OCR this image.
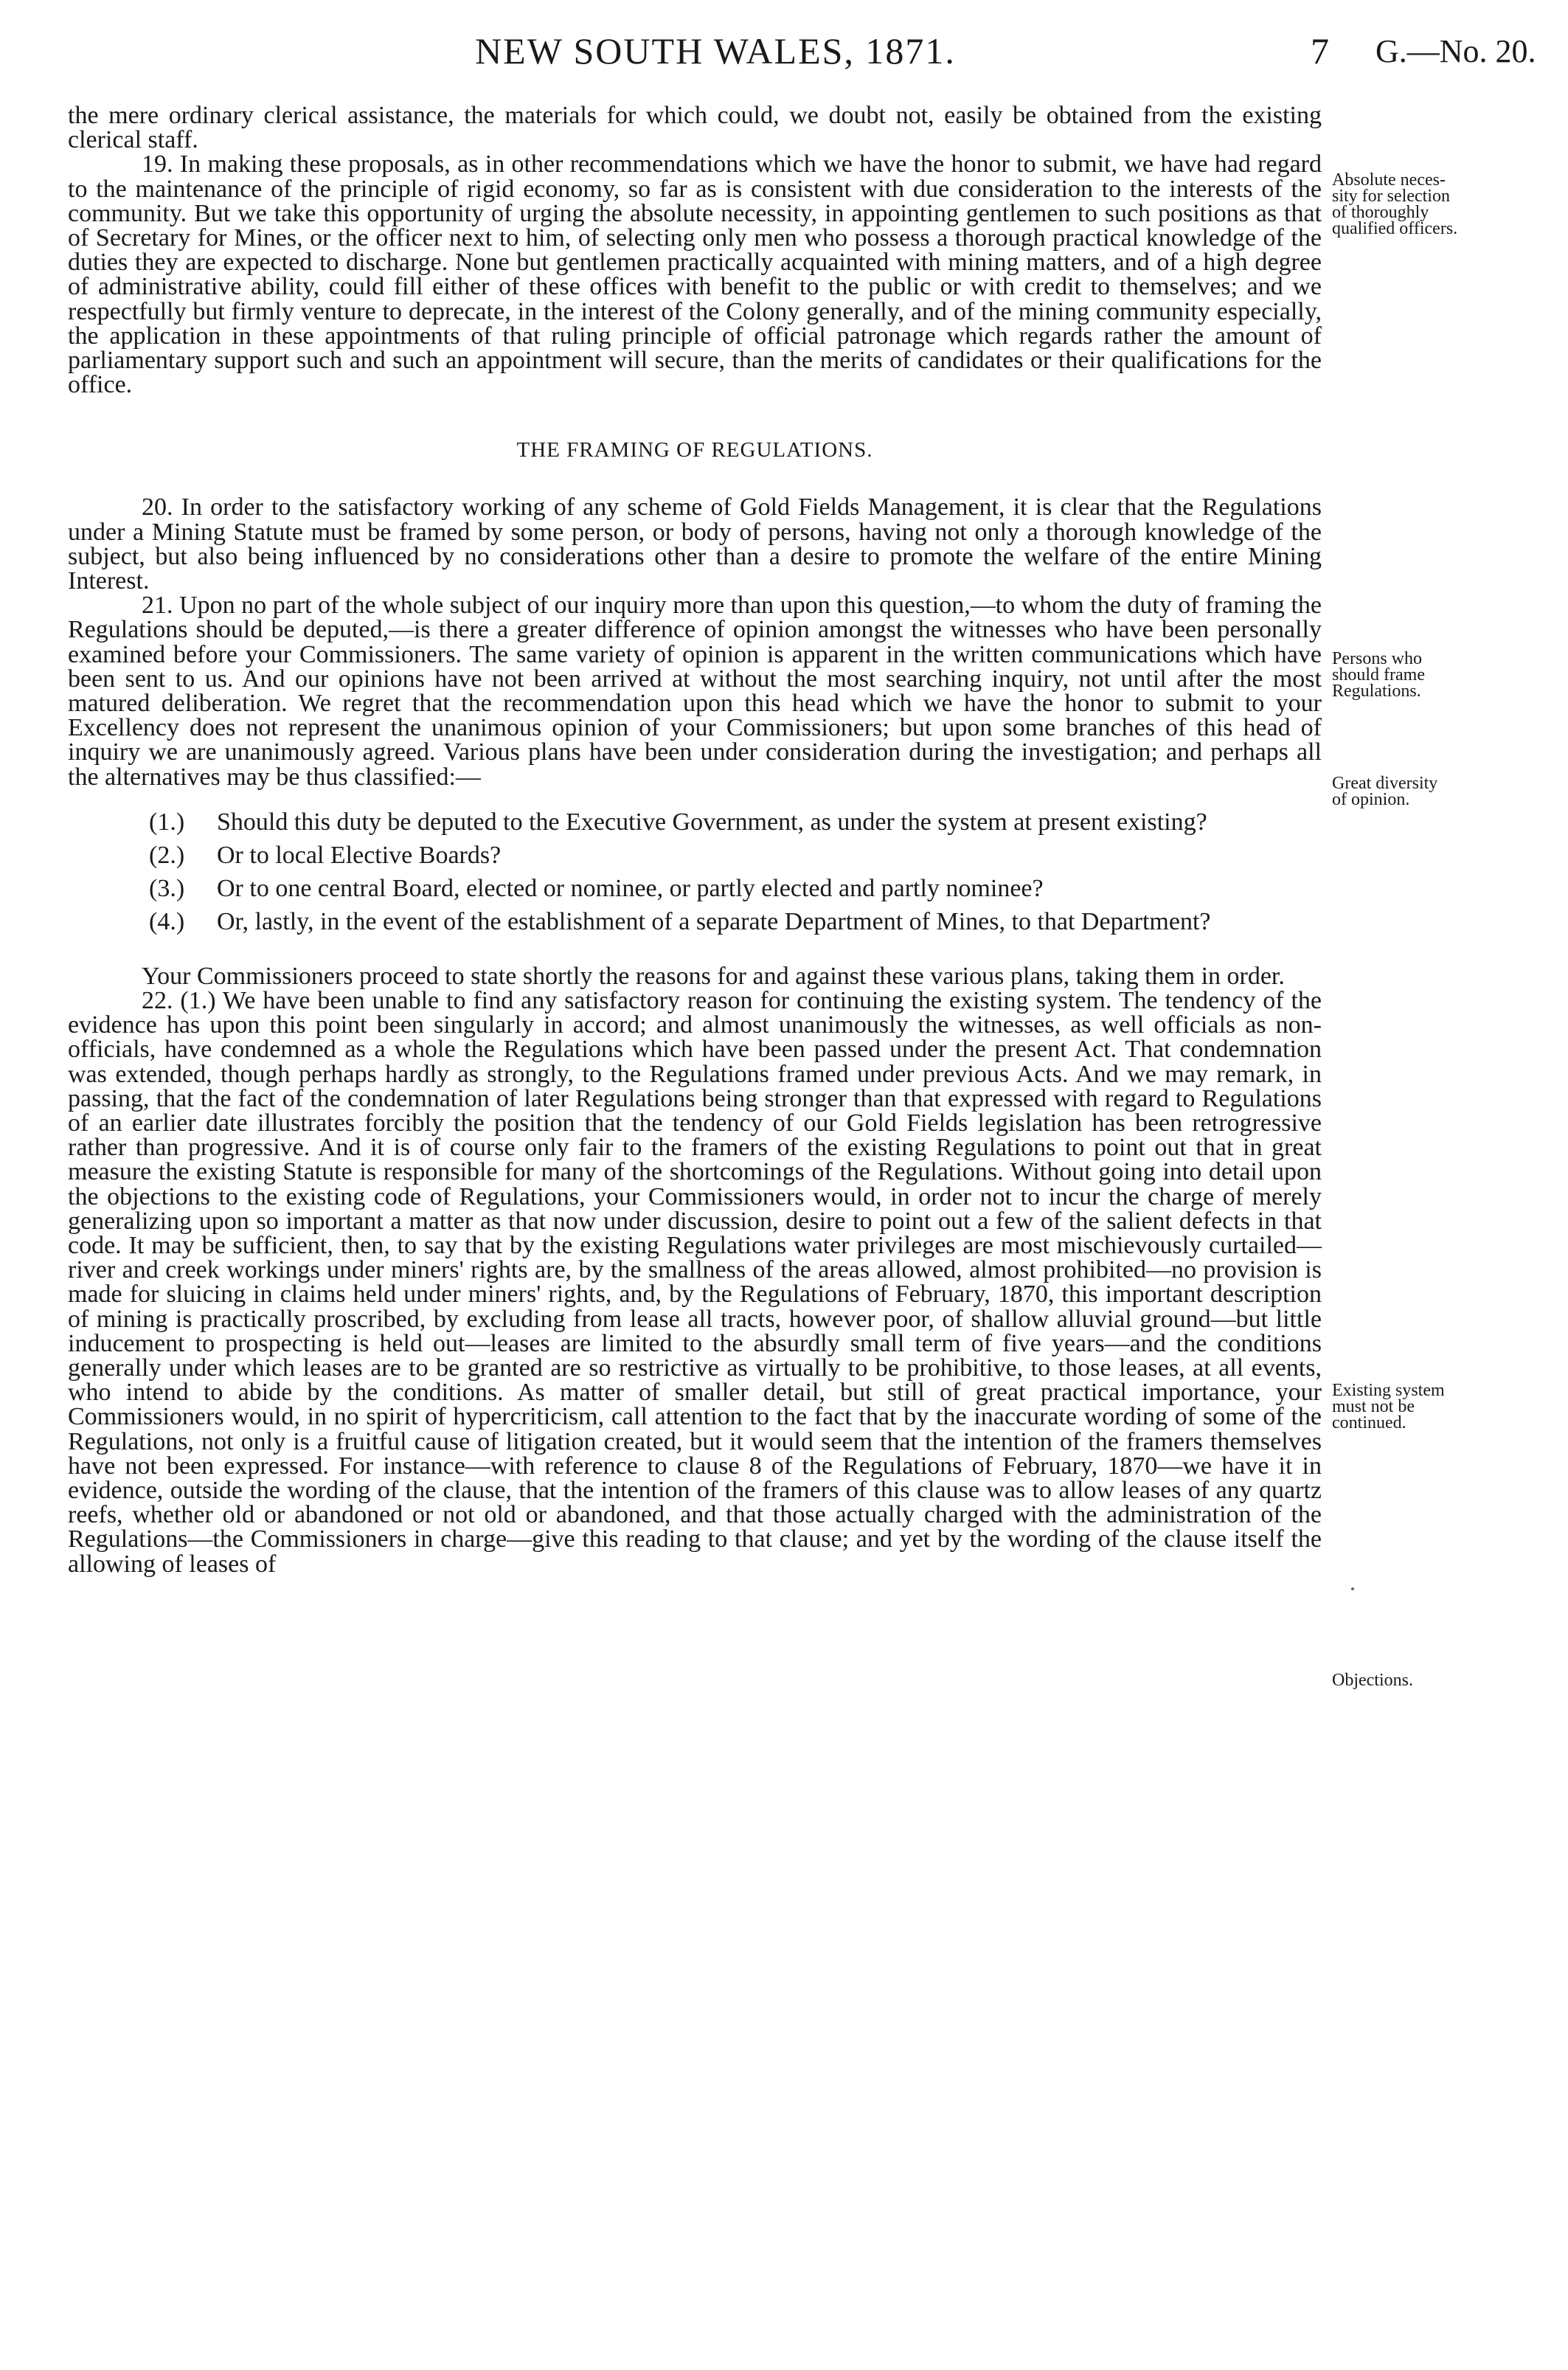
NEW SOUTH WALES, 1871.	7 G.—No. 20.

the mere ordinary clerical assistance, the materials for which could, we doubt not, easily be obtained from the existing clerical staff.

19. In making these proposals, as in other recommendations which we have the honor to submit, we have had regard to the maintenance of the principle of rigid economy, so far as is consistent with due consideration to the interests of the community. But we take this opportunity of urging the absolute necessity, in appointing gentlemen to such positions as that of Secretary for Mines, or the officer next to him, of selecting only men who possess a thorough practical knowledge of the duties they are expected to discharge. None but gentlemen practically acquainted with mining matters, and of a high degree of administrative ability, could fill either of these offices with benefit to the public or with credit to themselves; and we respectfully but firmly venture to deprecate, in the interest of the Colony generally, and of the mining community especially, the application in these appointments of that ruling principle of official patronage which regards rather the amount of parliamentary support such and such an appointment will secure, than the merits of candidates or their qualifications for the office.

THE FRAMING OF REGULATIONS.

20. In order to the satisfactory working of any scheme of Gold Fields Management, it is clear that the Regulations under a Mining Statute must be framed by some person, or body of persons, having not only a thorough knowledge of the subject, but also being influenced by no considerations other than a desire to promote the welfare of the entire Mining Interest.

21. Upon no part of the whole subject of our inquiry more than upon this question,—to whom the duty of framing the Regulations should be deputed,—is there a greater difference of opinion amongst the witnesses who have been personally examined before your Commissioners. The same variety of opinion is apparent in the written communications which have been sent to us. And our opinions have not been arrived at without the most searching inquiry, not until after the most matured deliberation. We regret that the recommendation upon this head which we have the honor to submit to your Excellency does not represent the unanimous opinion of your Commissioners; but upon some branches of this head of inquiry we are unanimously agreed. Various plans have been under consideration during the investigation; and perhaps all the alternatives may be thus classified:—

(1.)	Should this duty be deputed to the Executive Government, as under the system at present existing?
(2.)	Or to local Elective Boards?
(3.)	Or to one central Board, elected or nominee, or partly elected and partly nominee?
(4.)	Or, lastly, in the event of the establishment of a separate Department of Mines, to that Department?

Your Commissioners proceed to state shortly the reasons for and against these various plans, taking them in order.

22. (1.) We have been unable to find any satisfactory reason for continuing the existing system. The tendency of the evidence has upon this point been singularly in accord; and almost unanimously the witnesses, as well officials as non-officials, have condemned as a whole the Regulations which have been passed under the present Act. That condemnation was extended, though perhaps hardly as strongly, to the Regulations framed under previous Acts. And we may remark, in passing, that the fact of the condemnation of later Regulations being stronger than that expressed with regard to Regulations of an earlier date illustrates forcibly the position that the tendency of our Gold Fields legislation has been retrogressive rather than progressive. And it is of course only fair to the framers of the existing Regulations to point out that in great measure the existing Statute is responsible for many of the shortcomings of the Regulations. Without going into detail upon the objections to the existing code of Regulations, your Commissioners would, in order not to incur the charge of merely generalizing upon so important a matter as that now under discussion, desire to point out a few of the salient defects in that code. It may be sufficient, then, to say that by the existing Regulations water privileges are most mischievously curtailed—river and creek workings under miners' rights are, by the smallness of the areas allowed, almost prohibited—no provision is made for sluicing in claims held under miners' rights, and, by the Regulations of February, 1870, this important description of mining is practically proscribed, by excluding from lease all tracts, however poor, of shallow alluvial ground—but little inducement to prospecting is held out—leases are limited to the absurdly small term of five years—and the conditions generally under which leases are to be granted are so restrictive as virtually to be prohibitive, to those leases, at all events, who intend to abide by the conditions. As matter of smaller detail, but still of great practical importance, your Commissioners would, in no spirit of hypercriticism, call attention to the fact that by the inaccurate wording of some of the Regulations, not only is a fruitful cause of litigation created, but it would seem that the intention of the framers themselves have not been expressed. For instance—with reference to clause 8 of the Regulations of February, 1870—we have it in evidence, outside the wording of the clause, that the intention of the framers of this clause was to allow leases of any quartz reefs, whether old or abandoned or not old or abandoned, and that those actually charged with the administration of the Regulations—the Commissioners in charge—give this reading to that clause; and yet by the wording of the clause itself the allowing of leases of

Absolute neces-
sity for selection
of thoroughly
qualified officers.
Persons who
should frame
Regulations.
Great diversity
of opinion.
Existing system
must not be
continued.
Objections.
